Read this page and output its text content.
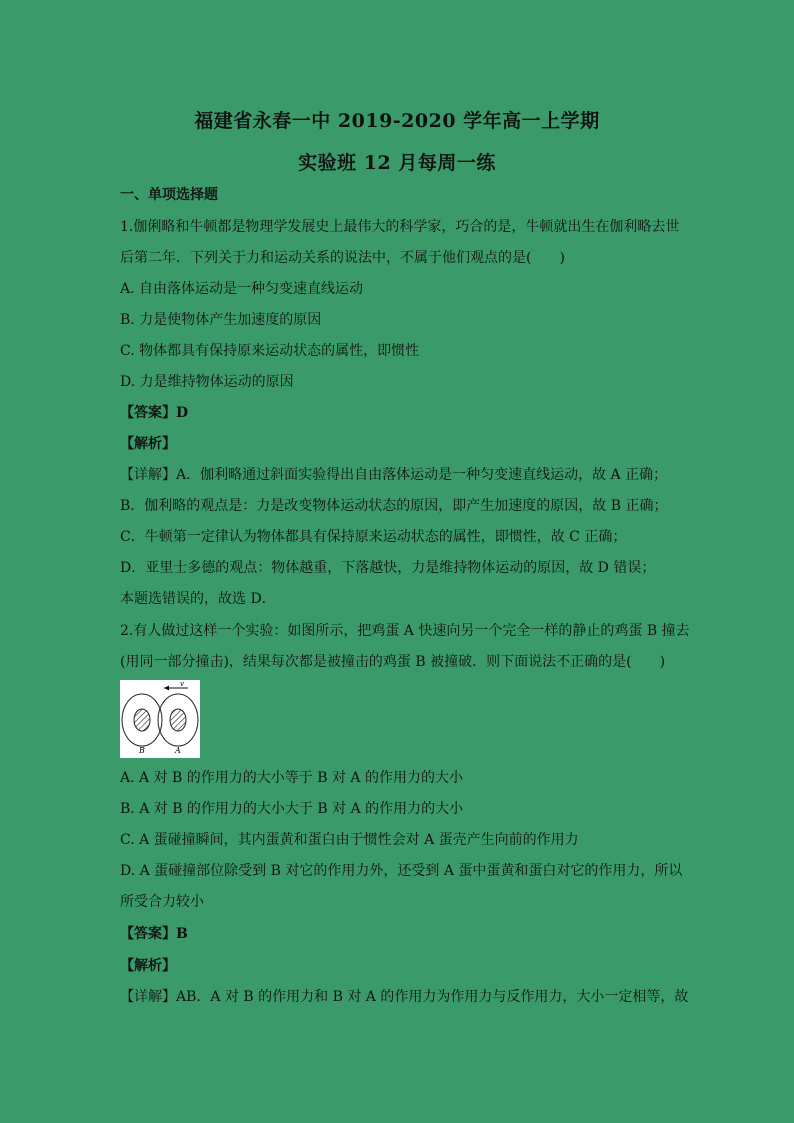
福建省永春一中 2019-2020 学年高一上学期
实验班 12 月每周一练
一、单项选择题
1.伽俐略和牛顿都是物理学发展史上最伟大的科学家，巧合的是，牛顿就出生在伽利略去世
后第二年．下列关于力和运动关系的说法中，不属于他们观点的是(　　)
A. 自由落体运动是一种匀变速直线运动
B. 力是使物体产生加速度的原因
C. 物体都具有保持原来运动状态的属性，即惯性
D. 力是维持物体运动的原因
【答案】D
【解析】
【详解】A．伽利略通过斜面实验得出自由落体运动是一种匀变速直线运动，故 A 正确；
B．伽利略的观点是：力是改变物体运动状态的原因，即产生加速度的原因，故 B 正确；
C．牛顿第一定律认为物体都具有保持原来运动状态的属性，即惯性，故 C 正确；
D．亚里士多德的观点：物体越重，下落越快，力是维持物体运动的原因，故 D 错误；
本题选错误的，故选 D．
2.有人做过这样一个实验：如图所示，把鸡蛋 A 快速向另一个完全一样的静止的鸡蛋 B 撞去
(用同一部分撞击)，结果每次都是被撞击的鸡蛋 B 被撞破．则下面说法不正确的是(　　)
v
B	A
A. A 对 B 的作用力的大小等于 B 对 A 的作用力的大小
B. A 对 B 的作用力的大小大于 B 对 A 的作用力的大小
C. A 蛋碰撞瞬间，其内蛋黄和蛋白由于惯性会对 A 蛋壳产生向前的作用力
D. A 蛋碰撞部位除受到 B 对它的作用力外，还受到 A 蛋中蛋黄和蛋白对它的作用力，所以
所受合力较小
【答案】B
【解析】
【详解】AB．A 对 B 的作用力和 B 对 A 的作用力为作用力与反作用力，大小一定相等，故
